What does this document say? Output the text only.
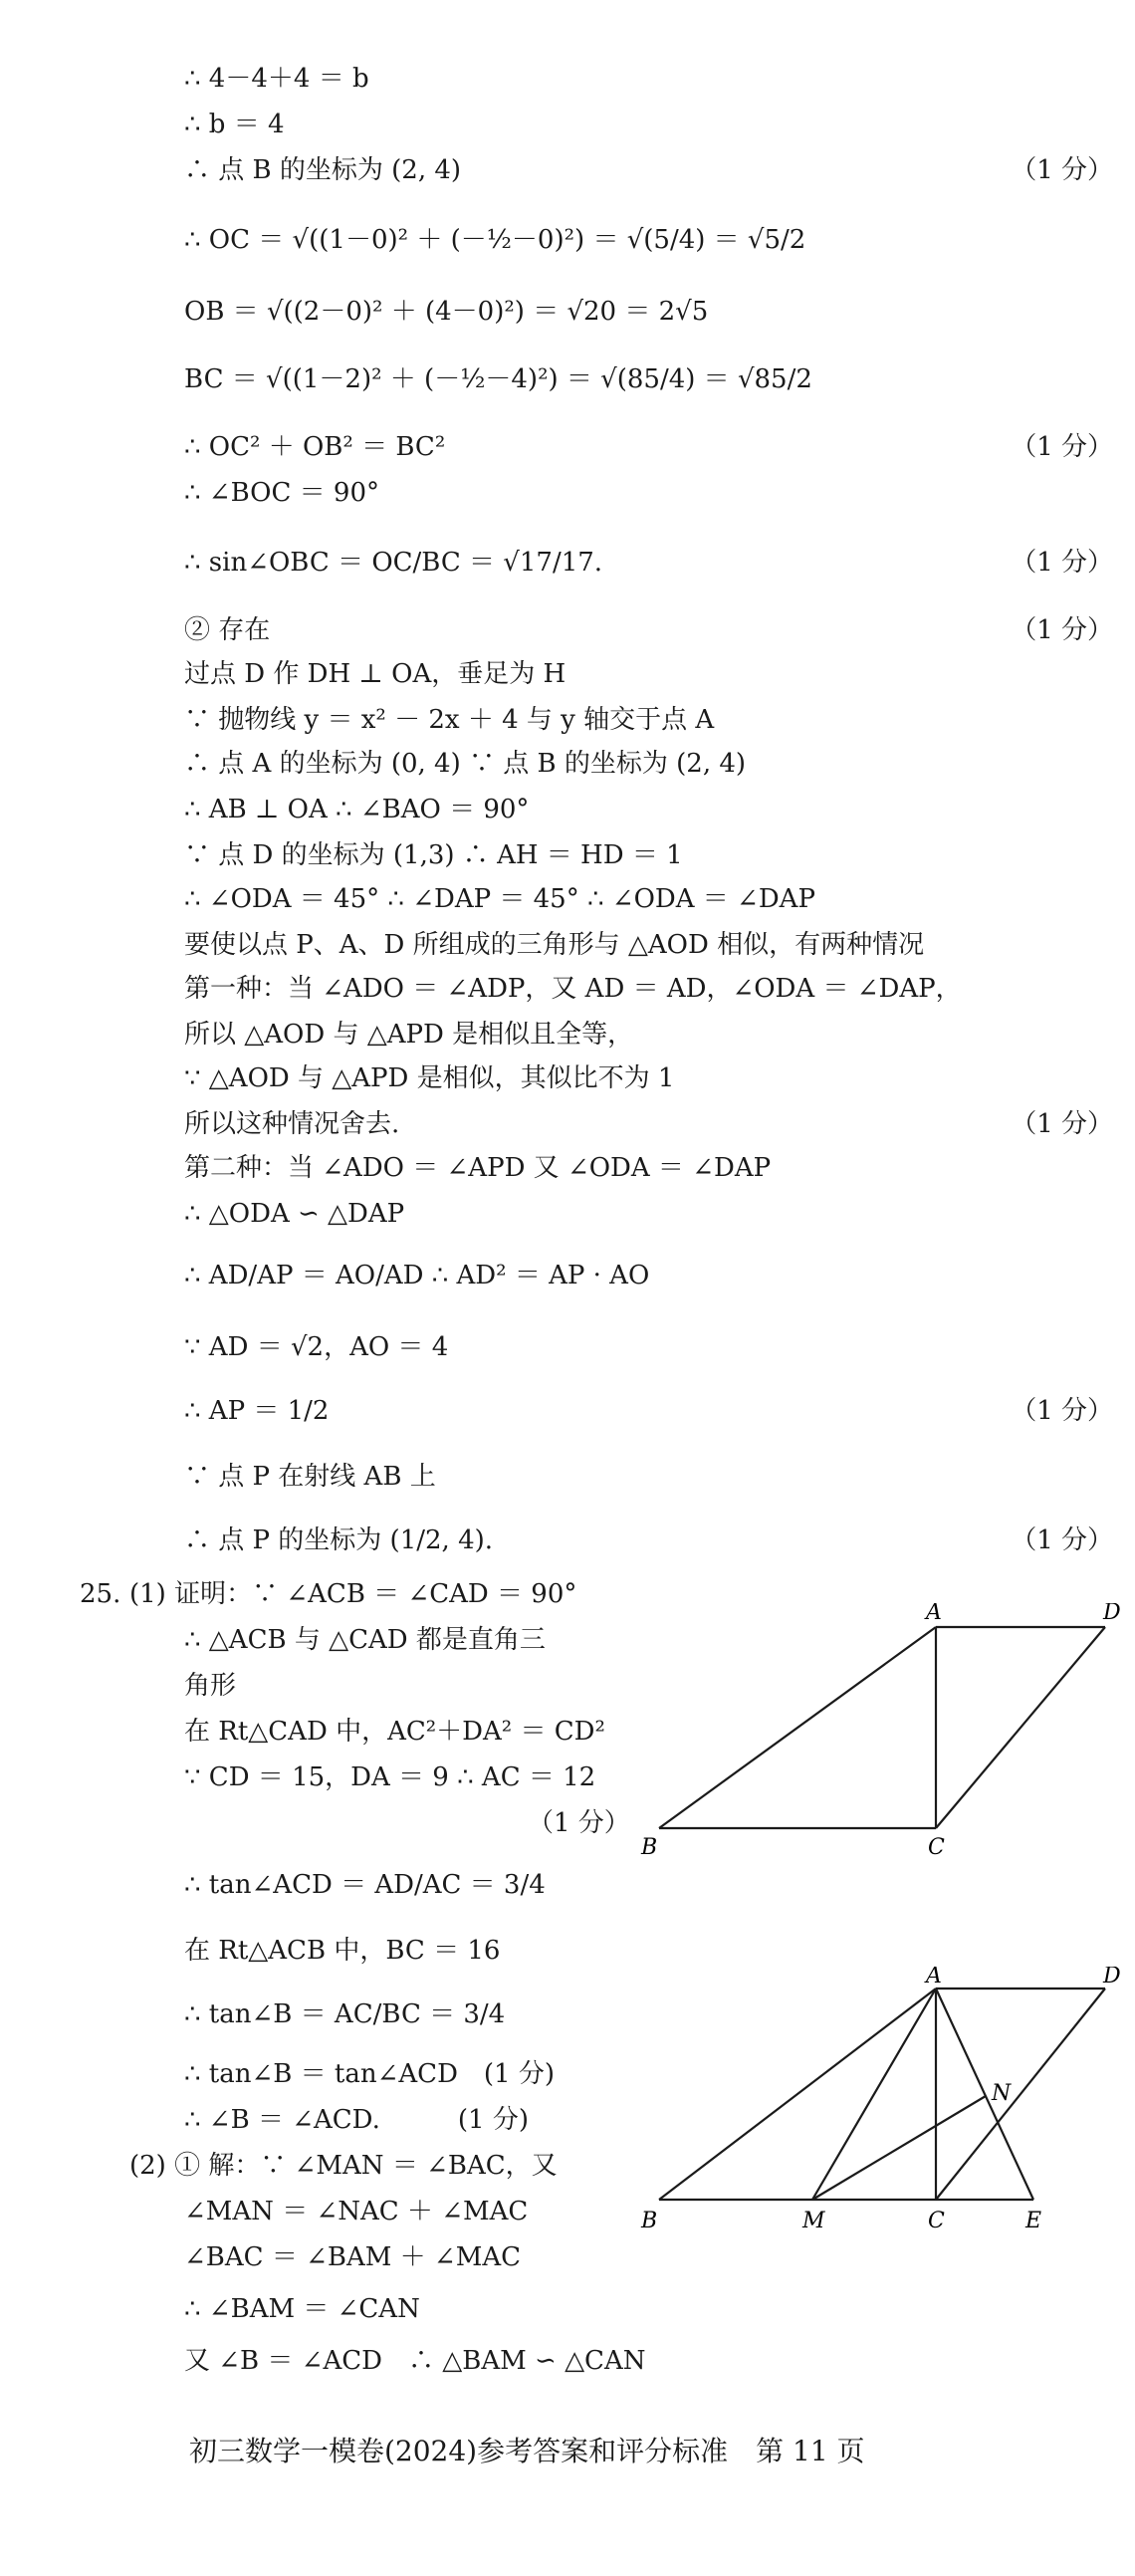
∴ 4－4＋4 ＝ b
∴ b ＝ 4
∴ 点 B 的坐标为 (2, 4)
∴ OC ＝ √((1－0)² ＋ (－½－0)²) ＝ √(5/4) ＝ √5/2
OB ＝ √((2－0)² ＋ (4－0)²) ＝ √20 ＝ 2√5
BC ＝ √((1－2)² ＋ (－½－4)²) ＝ √(85/4) ＝ √85/2
∴ OC² ＋ OB² ＝ BC²
∴ ∠BOC ＝ 90°
∴ sin∠OBC ＝ OC/BC ＝ √17/17.
② 存在
过点 D 作 DH ⊥ OA，垂足为 H
∵ 抛物线 y ＝ x² － 2x ＋ 4 与 y 轴交于点 A
∴ 点 A 的坐标为 (0, 4) ∵ 点 B 的坐标为 (2, 4)
∴ AB ⊥ OA ∴ ∠BAO ＝ 90°
∵ 点 D 的坐标为 (1,3) ∴ AH ＝ HD ＝ 1
∴ ∠ODA ＝ 45° ∴ ∠DAP ＝ 45° ∴ ∠ODA ＝ ∠DAP
要使以点 P、A、D 所组成的三角形与 △AOD 相似，有两种情况
第一种：当 ∠ADO ＝ ∠ADP，又 AD ＝ AD，∠ODA ＝ ∠DAP，
所以 △AOD 与 △APD 是相似且全等，
∵ △AOD 与 △APD 是相似，其似比不为 1
所以这种情况舍去.
第二种：当 ∠ADO ＝ ∠APD 又 ∠ODA ＝ ∠DAP
∴ △ODA ∽ △DAP
∴ AD/AP ＝ AO/AD ∴ AD² ＝ AP · AO
∵ AD ＝ √2，AO ＝ 4
∴ AP ＝ 1/2
∵ 点 P 在射线 AB 上
∴ 点 P 的坐标为 (1/2, 4).
（1 分）
（1 分）
（1 分）
（1 分）
（1 分）
（1 分）
（1 分）
25. (1) 证明：∵ ∠ACB ＝ ∠CAD ＝ 90°
∴ △ACB 与 △CAD 都是直角三
角形
在 Rt△CAD 中，AC²＋DA² ＝ CD²
∵ CD ＝ 15，DA ＝ 9 ∴ AC ＝ 12
（1 分）
∴ tan∠ACD ＝ AD/AC ＝ 3/4
在 Rt△ACB 中，BC ＝ 16
∴ tan∠B ＝ AC/BC ＝ 3/4
∴ tan∠B ＝ tan∠ACD　(1 分)
∴ ∠B ＝ ∠ACD.　　　(1 分)
(2) ① 解：∵ ∠MAN ＝ ∠BAC，又
∠MAN ＝ ∠NAC ＋ ∠MAC
∠BAC ＝ ∠BAM ＋ ∠MAC
∴ ∠BAM ＝ ∠CAN
又 ∠B ＝ ∠ACD　∴ △BAM ∽ △CAN
A	D
B	C
A	D
N
B	M	C	E
初三数学一模卷(2024)参考答案和评分标准　第 11 页
